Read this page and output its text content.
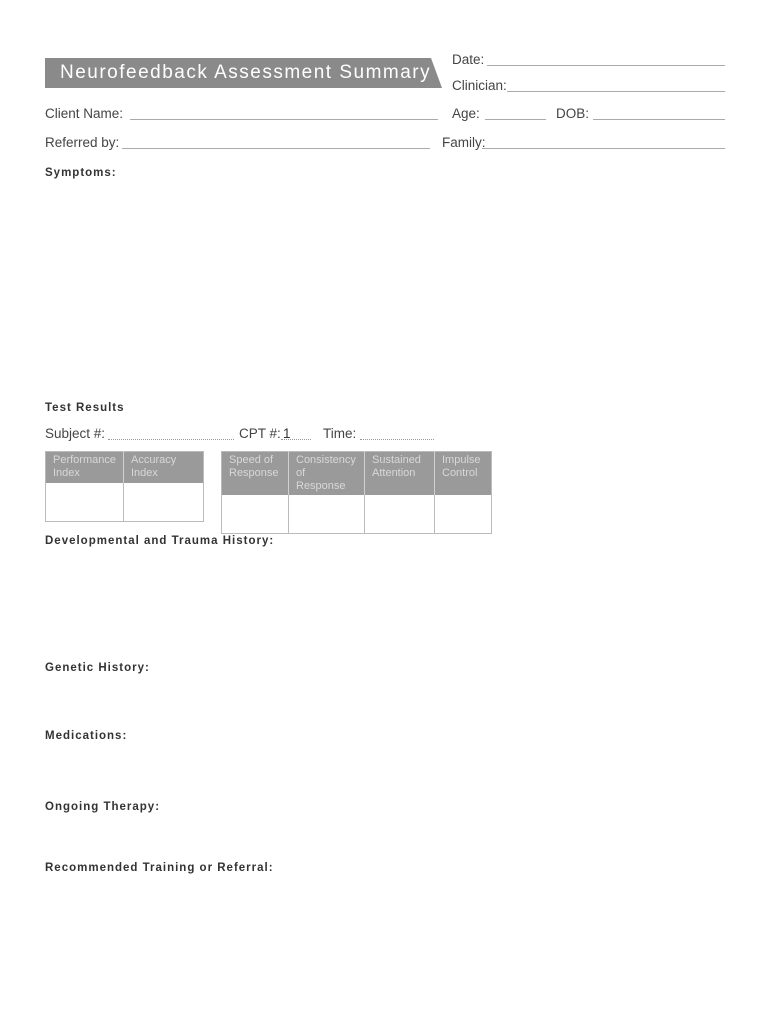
Neurofeedback Assessment Summary
Date:
Clinician:
Client Name:	Age:	DOB:
Referred by:	Family:
Symptoms:
Test Results
Subject #:	CPT #: 1 Time:
Performance Index	Accuracy Index

Speed of Response	Consistency of Response	Sustained Attention	Impulse Control

Developmental and Trauma History:
Genetic History:
Medications:
Ongoing Therapy:
Recommended Training or Referral:
